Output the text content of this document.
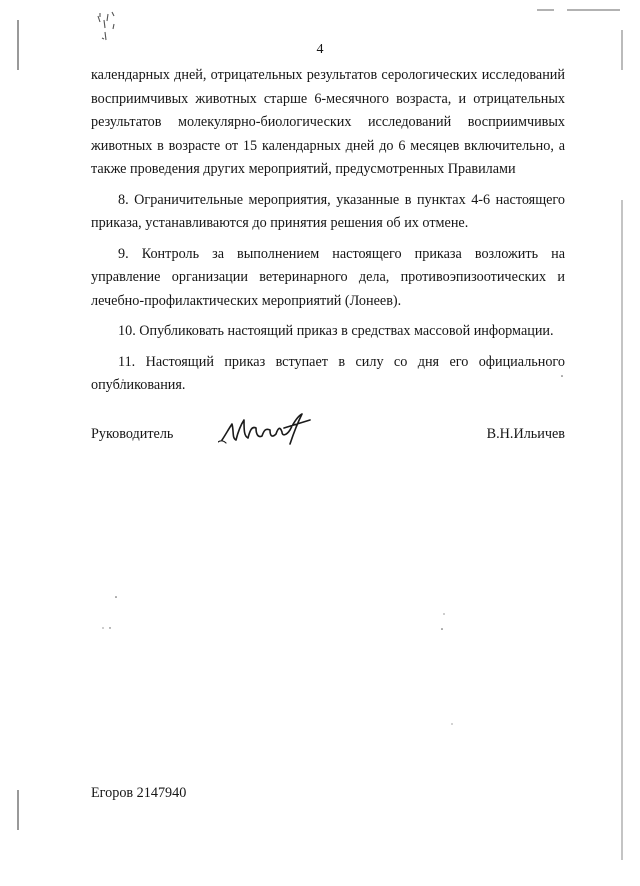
4

календарных дней, отрицательных результатов серологических исследований восприимчивых животных старше 6-месячного возраста, и отрицательных результатов молекулярно-биологических исследований восприимчивых животных в возрасте от 15 календарных дней до 6 месяцев включительно, а также проведения других мероприятий, предусмотренных Правилами

8. Ограничительные мероприятия, указанные в пунктах 4-6 настоящего приказа, устанавливаются до принятия решения об их отмене.

9. Контроль за выполнением настоящего приказа возложить на управление организации ветеринарного дела, противоэпизоотических и лечебно-профилактических мероприятий (Лонеев).

10. Опубликовать настоящий приказ в средствах массовой информации.

11. Настоящий приказ вступает в силу со дня его официального опубликования.

Руководитель	В.Н.Ильичев
Егоров 2147940
